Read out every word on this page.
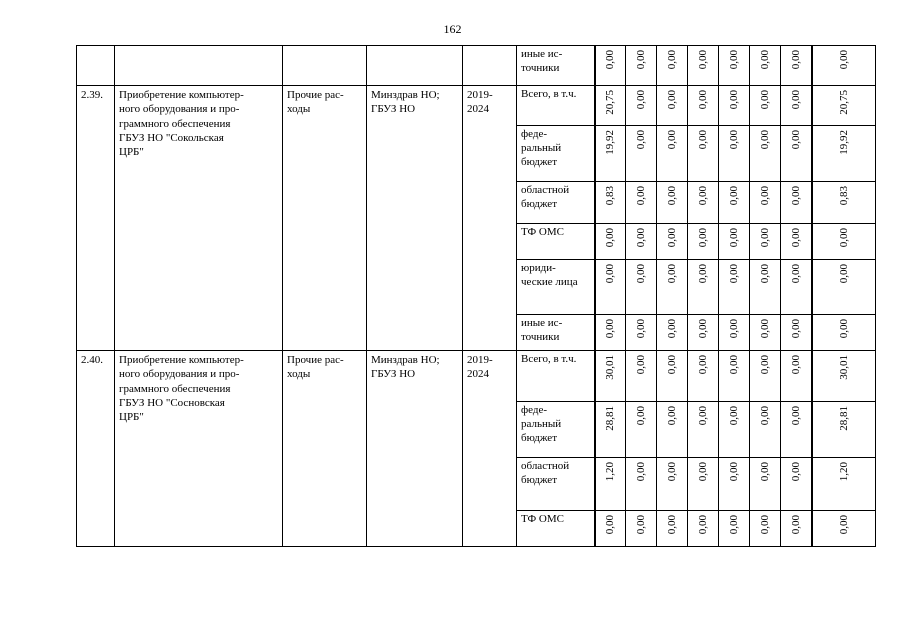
162
					иные ис-
точники	0,00	0,00	0,00	0,00	0,00	0,00	0,00	0,00

2.39.	Приобретение компьютер-
ного оборудования и про-
граммного обеспечения
ГБУЗ НО "Сокольская
ЦРБ"	Прочие рас-
ходы	Минздрав НО;
ГБУЗ НО	2019-
2024	Всего, в т.ч.	20,75	0,00	0,00	0,00	0,00	0,00	0,00	20,75

					феде-
ральный
бюджет	19,92	0,00	0,00	0,00	0,00	0,00	0,00	19,92

					областной
бюджет	0,83	0,00	0,00	0,00	0,00	0,00	0,00	0,83

					ТФ ОМС	0,00	0,00	0,00	0,00	0,00	0,00	0,00	0,00

					юриди-
ческие лица	0,00	0,00	0,00	0,00	0,00	0,00	0,00	0,00

					иные ис-
точники	0,00	0,00	0,00	0,00	0,00	0,00	0,00	0,00

2.40.	Приобретение компьютер-
ного оборудования и про-
граммного обеспечения
ГБУЗ НО "Сосновская
ЦРБ"	Прочие рас-
ходы	Минздрав НО;
ГБУЗ НО	2019-
2024	Всего, в т.ч.	30,01	0,00	0,00	0,00	0,00	0,00	0,00	30,01

					феде-
ральный
бюджет	28,81	0,00	0,00	0,00	0,00	0,00	0,00	28,81

					областной
бюджет	1,20	0,00	0,00	0,00	0,00	0,00	0,00	1,20

					ТФ ОМС	0,00	0,00	0,00	0,00	0,00	0,00	0,00	0,00
